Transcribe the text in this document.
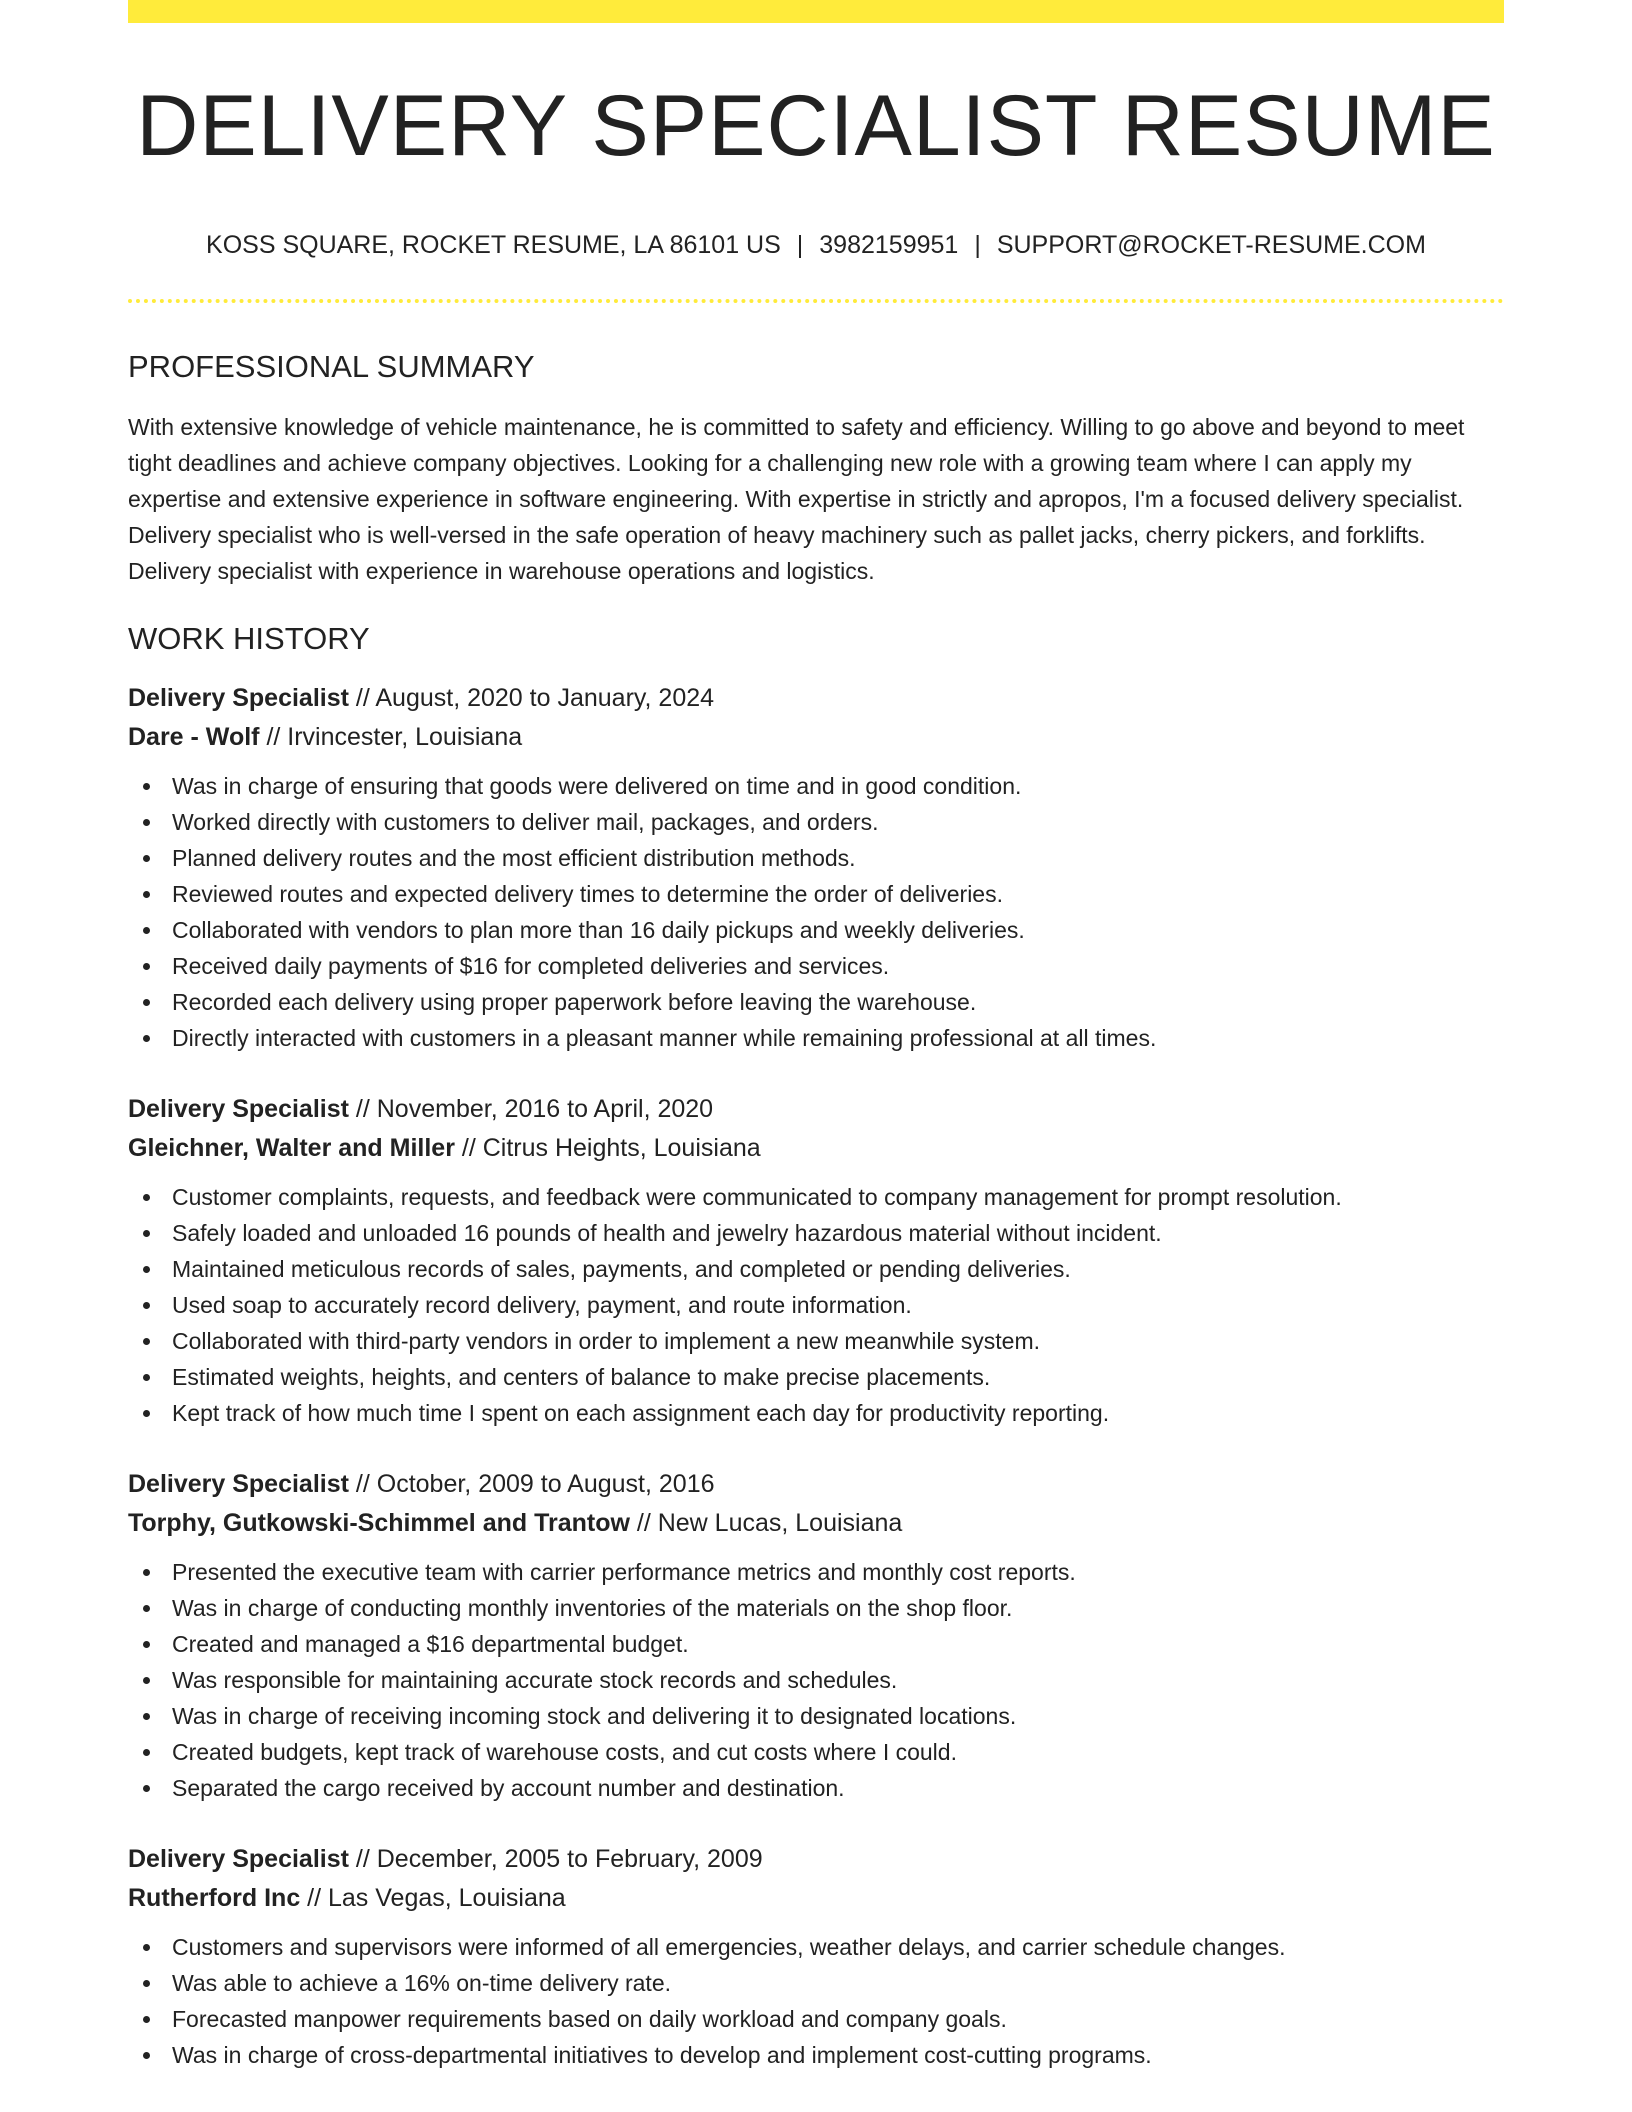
DELIVERY SPECIALIST RESUME
KOSS SQUARE, ROCKET RESUME, LA 86101 US | 3982159951 | SUPPORT@ROCKET-RESUME.COM
PROFESSIONAL SUMMARY

With extensive knowledge of vehicle maintenance, he is committed to safety and efficiency. Willing to go above and beyond to meet tight deadlines and achieve company objectives. Looking for a challenging new role with a growing team where I can apply my expertise and extensive experience in software engineering. With expertise in strictly and apropos, I'm a focused delivery specialist. Delivery specialist who is well-versed in the safe operation of heavy machinery such as pallet jacks, cherry pickers, and forklifts. Delivery specialist with experience in warehouse operations and logistics.

WORK HISTORY
Delivery Specialist // August, 2020 to January, 2024
Dare - Wolf // Irvincester, Louisiana
Was in charge of ensuring that goods were delivered on time and in good condition.
Worked directly with customers to deliver mail, packages, and orders.
Planned delivery routes and the most efficient distribution methods.
Reviewed routes and expected delivery times to determine the order of deliveries.
Collaborated with vendors to plan more than 16 daily pickups and weekly deliveries.
Received daily payments of $16 for completed deliveries and services.
Recorded each delivery using proper paperwork before leaving the warehouse.
Directly interacted with customers in a pleasant manner while remaining professional at all times.
Delivery Specialist // November, 2016 to April, 2020
Gleichner, Walter and Miller // Citrus Heights, Louisiana
Customer complaints, requests, and feedback were communicated to company management for prompt resolution.
Safely loaded and unloaded 16 pounds of health and jewelry hazardous material without incident.
Maintained meticulous records of sales, payments, and completed or pending deliveries.
Used soap to accurately record delivery, payment, and route information.
Collaborated with third-party vendors in order to implement a new meanwhile system.
Estimated weights, heights, and centers of balance to make precise placements.
Kept track of how much time I spent on each assignment each day for productivity reporting.
Delivery Specialist // October, 2009 to August, 2016
Torphy, Gutkowski-Schimmel and Trantow // New Lucas, Louisiana
Presented the executive team with carrier performance metrics and monthly cost reports.
Was in charge of conducting monthly inventories of the materials on the shop floor.
Created and managed a $16 departmental budget.
Was responsible for maintaining accurate stock records and schedules.
Was in charge of receiving incoming stock and delivering it to designated locations.
Created budgets, kept track of warehouse costs, and cut costs where I could.
Separated the cargo received by account number and destination.
Delivery Specialist // December, 2005 to February, 2009
Rutherford Inc // Las Vegas, Louisiana
Customers and supervisors were informed of all emergencies, weather delays, and carrier schedule changes.
Was able to achieve a 16% on-time delivery rate.
Forecasted manpower requirements based on daily workload and company goals.
Was in charge of cross-departmental initiatives to develop and implement cost-cutting programs.
